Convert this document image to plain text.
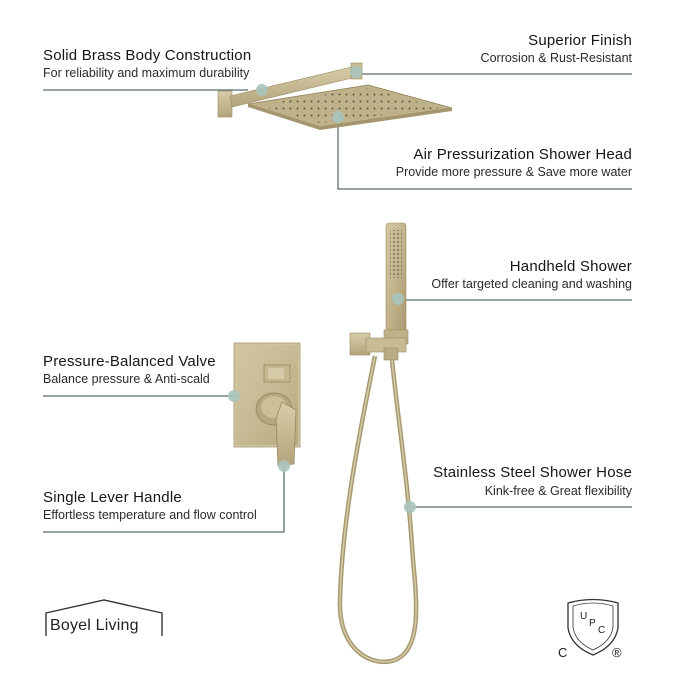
Solid Brass Body Construction
For reliability and maximum durability
Pressure-Balanced Valve
Balance pressure & Anti-scald
Single Lever Handle
Effortless temperature and flow control
Superior Finish
Corrosion & Rust-Resistant
Air Pressurization Shower Head
Provide more pressure & Save more water
Handheld Shower
Offer targeted cleaning and washing
Stainless Steel Shower Hose
Kink-free & Great flexibility
Boyel Living
U
P
C
C	®
